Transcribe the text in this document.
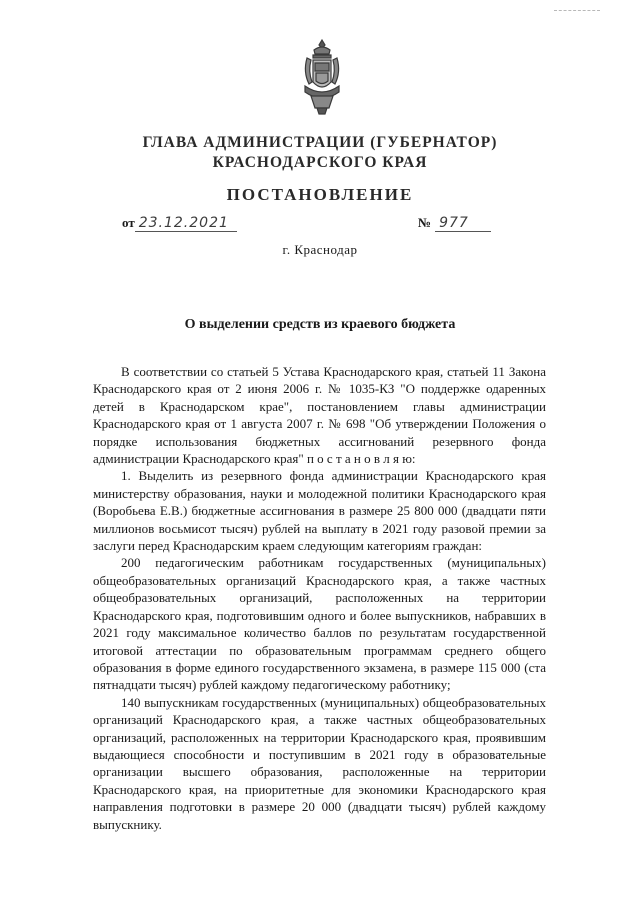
ГЛАВА АДМИНИСТРАЦИИ (ГУБЕРНАТОР)
КРАСНОДАРСКОГО КРАЯ
ПОСТАНОВЛЕНИЕ
от 23.12.2021	№ 977
г. Краснодар
О выделении средств из краевого бюджета

В соответствии со статьей 5 Устава Краснодарского края, статьей 11 Закона Краснодарского края от 2 июня 2006 г. № 1035-КЗ "О поддержке одаренных детей в Краснодарском крае", постановлением главы администрации Краснодарского края от 1 августа 2007 г. № 698 "Об утверждении Положения о порядке использования бюджетных ассигнований резервного фонда администрации Краснодарского края" п о с т а н о в л я ю:

1. Выделить из резервного фонда администрации Краснодарского края министерству образования, науки и молодежной политики Краснодарского края (Воробьева Е.В.) бюджетные ассигнования в размере 25 800 000 (двадцати пяти миллионов восьмисот тысяч) рублей на выплату в 2021 году разовой премии за заслуги перед Краснодарским краем следующим категориям граждан:

200 педагогическим работникам государственных (муниципальных) общеобразовательных организаций Краснодарского края, а также частных общеобразовательных организаций, расположенных на территории Краснодарского края, подготовившим одного и более выпускников, набравших в 2021 году максимальное количество баллов по результатам государственной итоговой аттестации по образовательным программам среднего общего образования в форме единого государственного экзамена, в размере 115 000 (ста пятнадцати тысяч) рублей каждому педагогическому работнику;

140 выпускникам государственных (муниципальных) общеобразовательных организаций Краснодарского края, а также частных общеобразовательных организаций, расположенных на территории Краснодарского края, проявившим выдающиеся способности и поступившим в 2021 году в образовательные организации высшего образования, расположенные на территории Краснодарского края, на приоритетные для экономики Краснодарского края направления подготовки в размере 20 000 (двадцати тысяч) рублей каждому выпускнику.
